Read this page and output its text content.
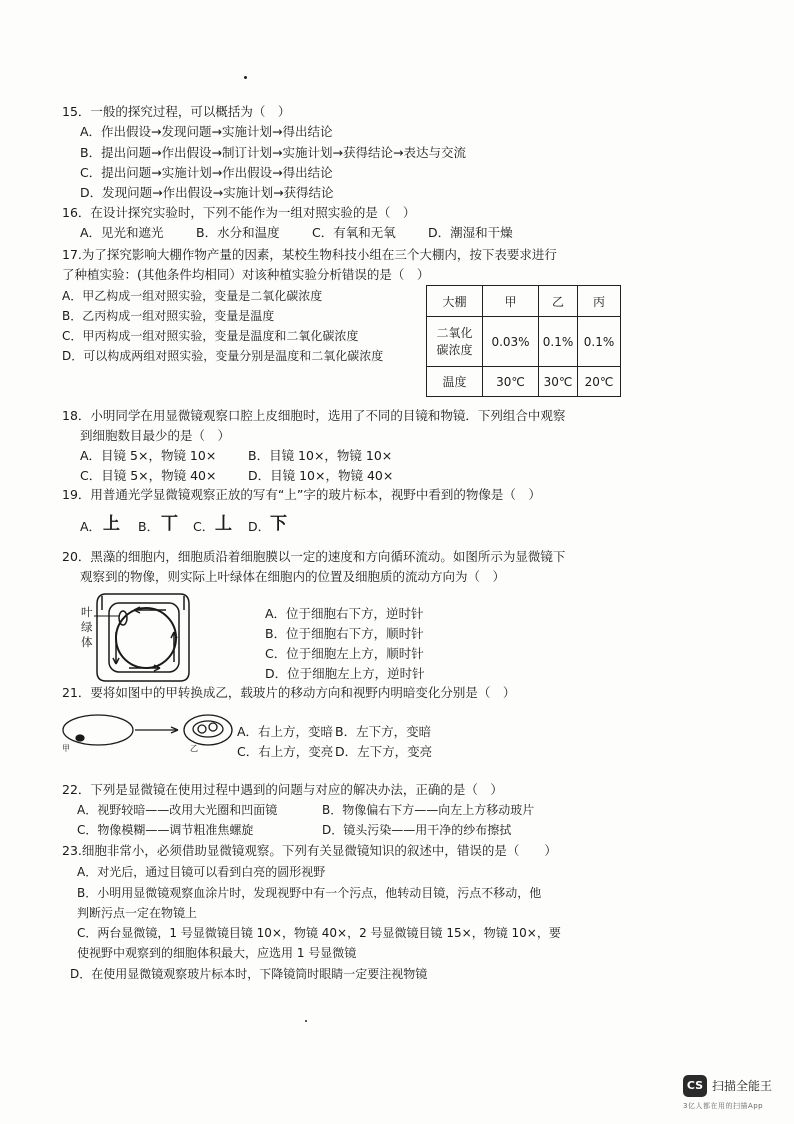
15．一般的探究过程，可以概括为（　）
A．作出假设→发现问题→实施计划→得出结论
B．提出问题→作出假设→制订计划→实施计划→获得结论→表达与交流
C．提出问题→实施计划→作出假设→得出结论
D．发现问题→作出假设→实施计划→获得结论
16．在设计探究实验时，下列不能作为一组对照实验的是（　）
A．见光和遮光	B．水分和温度	C．有氧和无氧	D．潮湿和干燥
17.为了探究影响大棚作物产量的因素，某校生物科技小组在三个大棚内，按下表要求进行
了种植实验：(其他条件均相同）对该种植实验分析错误的是（　）
A．甲乙构成一组对照实验，变量是二氧化碳浓度
B．乙丙构成一组对照实验，变量是温度
C．甲丙构成一组对照实验，变量是温度和二氧化碳浓度
D．可以构成两组对照实验，变量分别是温度和二氧化碳浓度
大棚	甲	乙	丙
二氧化
碳浓度	0.03%	0.1%	0.1%
温度	30℃	30℃	20℃
18．小明同学在用显微镜观察口腔上皮细胞时，选用了不同的目镜和物镜．下列组合中观察
到细胞数目最少的是（　）
A．目镜 5×，物镜 10×	B．目镜 10×，物镜 10×
C．目镜 5×，物镜 40×	D．目镜 10×，物镜 40×
19．用普通光学显微镜观察正放的写有“上”字的玻片标本，视野中看到的物像是（　）
A． 上 B． 丅 C． 丄 D． 下
20．黑藻的细胞内，细胞质沿着细胞膜以一定的速度和方向循环流动。如图所示为显微镜下
观察到的物像，则实际上叶绿体在细胞内的位置及细胞质的流动方向为（　）
叶
绿
体
A．位于细胞右下方，逆时针
B．位于细胞右下方，顺时针
C．位于细胞左上方，顺时针
D．位于细胞左上方，逆时针
21．要将如图中的甲转换成乙，载玻片的移动方向和视野内明暗变化分别是（　）
甲	乙
A．右上方，变暗 B．左下方，变暗
C．右上方，变亮 D．左下方，变亮
22．下列是显微镜在使用过程中遇到的问题与对应的解决办法，正确的是（　）
A．视野较暗——改用大光圈和凹面镜	B．物像偏右下方——向左上方移动玻片
C．物像模糊——调节粗准焦螺旋	D．镜头污染——用干净的纱布擦拭
23.细胞非常小，必须借助显微镜观察。下列有关显微镜知识的叙述中，错误的是（　　）
A．对光后，通过目镜可以看到白亮的圆形视野
B．小明用显微镜观察血涂片时，发现视野中有一个污点，他转动目镜，污点不移动，他
判断污点一定在物镜上
C．两台显微镜，1 号显微镜目镜 10×，物镜 40×，2 号显微镜目镜 15×，物镜 10×，要
使视野中观察到的细胞体积最大，应选用 1 号显微镜
D．在使用显微镜观察玻片标本时，下降镜筒时眼睛一定要注视物镜
CS 扫描全能王
3亿人都在用的扫描App
